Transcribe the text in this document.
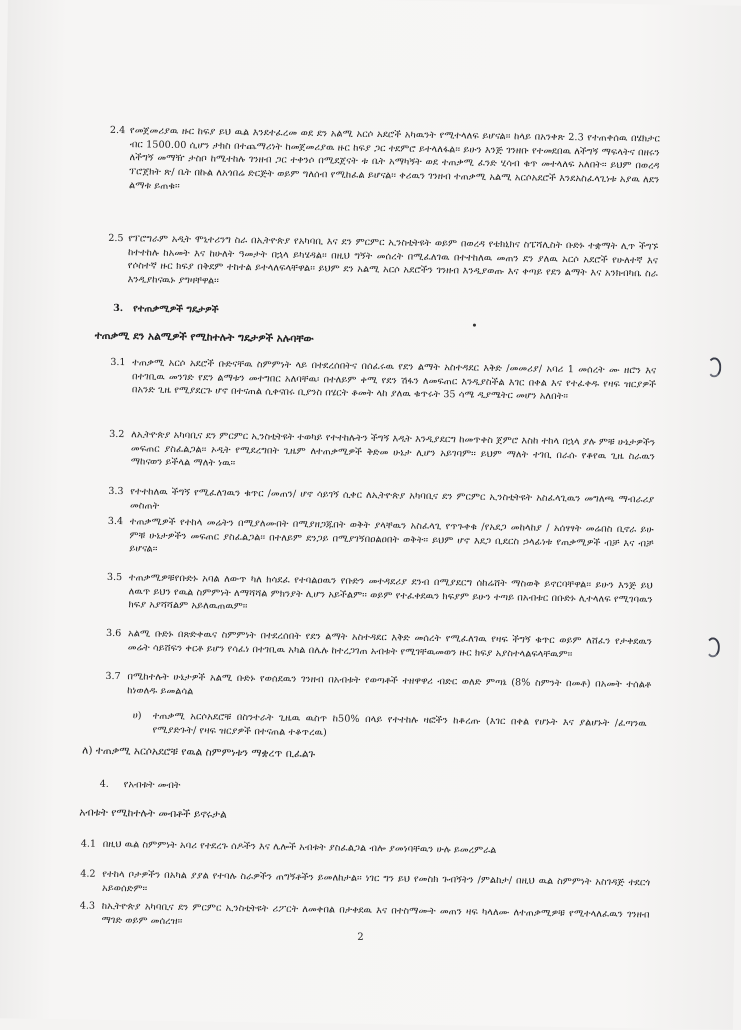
2.4 የመጀመሪያዉ ዙር ከፍያ ይህ ዉል እንደተፈረመ ወደ ደን አልሚ አርሶ አደሮች አካዉንት የሚተላለፍ ይሆናል፡፡ ከላይ በአንቀጽ 2.3 የተጠቀሰዉ በሄክታር ብር 1500.00 ሲሆን ታክስ በተጨማሪነት ከመጀመሪያዉ ዙር ከፍያ ጋር ተደምሮ ይተላለፋል፡፡ ይሁን እንጅ ገንዘቡ የተመደበዉ ለችግኝ ማፍላትና በዘሩን ለችግኝ መማዥ ታስቦ ከሚተከሉ ገንዘብ ጋር ተቀንሶ በሚደጀናት ቱ ቤት አማካኝት ወደ ተጠቃሚ ፈንድ ሂሳብ ቁጥ መተላለፍ አለበት፡፡ ይህም በወረዳ ፕሮጀክት ጽ/ ቤት በኩል ለአጎበሬ ድርጅት ወይም ግለሰብ የሚከፈል ይሆናል፡፡ ቀሪዉን ገንዘብ ተጠቃሚ አልሚ አርሶአደሮች እንደአስፈላጊነቱ አያዉ ለደን ልማቱ ይጠቁ፡፡

2.5 የፕሮግራም አዲት ሞኒተሪንግ ስራ በኢትዮጵያ የአካባቢ እና ደን ምርምር ኢንስቲትዩት ወይም በወረዳ የቴክኒክና ስፔሻሊስት ቡድኑ ተቋማት ሊጥ ችግኙ ከተተከሉ ከአመት እና ከሁለት ዓመታት በኋላ ይካሄዳል፡፡ በዚህ ግኝት መሰረት በሚፈለገዉ በተተከለዉ መጠን ደን ያለዉ አርሶ አደሮች የሁለተኛ እና የሶስተኛ ዙር ክፍያ በቅደም ተከተል ይተላለፍላቸዋል፡፡ ይህም ደን አልሚ አርሶ አደሮችን ገንዘብ እንዲያወጡ እና ቀጣይ የደን ልማት እና አንክብካቤ ስራ እንዲያከናዉኑ ያግዛቸዋል፡፡

3. የተጠቃሚዎች ግዴታዎች

ተጠቃሚ ደን አልሚዎች የሚከተሉት ግዴታዎች አሉባቸው

3.1 ተጠቃሚ አርሶ አደሮች ቡድናቸዉ ስምምነት ላይ በተደረሰበትና በሰፈሩዉ የደን ልማት አስተዳደር እቅድ /መመሪያ/ አባሪ 1 መሰረት ሙ ዘሮን እና በተገቢዉ መንገድ የደን ልማቱን መተግበር አለባቸዉ፡ በተለይም ቀሚ የደን ሽፋን ለመፍጠር እንዲያስችል እገር በቀል እና የተፈቀዱ የዛፍ ዝርያዎች በአንድ ጊዜ የሚያደርጉ ሆኖ በተናጠል ሲቀናበሩ ቢያንስ በሄርት ቆመት ላከ ያለዉ ቁጥሩት 35 ሳሜ ዲያሜትር መሆን አለበት፡፡

3.2 ለኢትዮጵያ አካባቢና ደን ምርምር ኢንስቲትዩት ተወካይ የተተከሉትን ችግኝ እዲት እንዲያደርግ ከመጥቀስ ጀምሮ እስከ ተከላ በኋላ ያሉ ምቹ ሁኔታዎችን መፍጠር ያስፈልጋል፡፡ ኦዲት የሚደረግበት ጊዜም ለተጠቃሚዎች ቅድመ ሁኔታ ሊሆን አይገባም፡፡ ይህም ማለት ተገቢ በራሱ የቆየዉ ጊዜ ስራዉን ማከናወን ይችላል ማለት ነዉ፡፡

3.3 የተተከለዉ ችግኝ የሚፈለገዉን ቁጥር /መጠን/ ሆኖ ሳይገኝ ሲቀር ለኢትዮጵያ አካባቢና ደን ምርምር ኢንስቲትዩት አስፈላጊዉን መግለጫ ማብራሪያ መስጠት

3.4 ተጠቃሚዎች የተከላ መሬትን በሚያለሙበት በሚያዘጋጁበት ወቅት ያላቸዉን አስፈላጊ የጥጉቀቁ /የአደጋ መከላከያ / አሰፃፃት መሬበስ ቢኖራ ይሁ ምቹ ሁኔታዎችን መፍጠር ያስፈልጋል፡፡ በተለይም ደንጋይ በሚያገኝበዐልዐበት ወቅት፡፡ ይህም ሆኖ እደጋ ቢደርስ ኃላፊነቱ የጠቃሚዎች ብቻ እና ብቻ ይሆናል፡፡

3.5 ተጠቃሚዎቹየቡድኑ አባል ለውጥ ካለ ክሳደፈ የተባልዐዉን የቡድን መተዳደሪያ ደንብ በሚያደርግ ሰከሬሸት ማስወቅ ይኖርባቸዋል፡፡ ይሁን እንጅ ይህ ለዉጥ ይህን የዉል ስምምነት ለማሻሻል ምክንያት ሊሆን አይችልም፡፡ ወይም የተፈቀደዉን ክፍያም ይሁን ተጣይ በአብቱር በቡድኑ ሊተላለፍ የሚገባዉን ክፍያ አያሻሻልም አይለዉጠዉም፡፡

3.6 አልሚ ቡድኑ በጽድቀዉና ስምምነት በተደረሰበት የደን ልማት አስተዳደር እቅድ መሰረት የሚፈለገዉ የዛፍ ችግኝ ቁጥር ወይም ለሸፈን የታቀደዉን መሬት ሳይሸፍን ቀርቶ ይሆን የሳፈነ በተገቢዉ አካል በሌሉ ከተረጋገጠ አብቱት የሚገቸዉመወን ዙር ክፍያ አያስተላልፍላቸዉም፡፡

3.7 በሚከተሉት ሁኔታዎች አልሚ ቡድኑ የወሰደዉን ገንዘብ በአብቱት የወጣቶች ተዘዋዋሪ ብድር ወለድ ምጣኔ (8% ስምንት በመቶ) በአመት ተሰልቶ ከነወለዱ ይመልሳል

ሀ) ተጠቃሚ አርሶአደሮቹ በስንተራት ጊዜዉ ዉስጥ ከ50% በላይ የተተከሉ ዛፎችን ከቆረጡ (እገር በቀል የሆኑት እና ያልሆኑት /ፈጣንዉ የሚያድጉት/ የዛፍ ዝርያዎች በተናጠል ተቆጥረዉ)

ለ) ተጠቃሚ አርሶአደሮቹ የዉል ስምምነቱን ማቋረጥ ቢፈልጉ

4. የአብቱት መብት

አብቱት የሚከተሉት መብቶች ይኖሩታል

4.1 በዚህ ዉል ስምምነት አባሪ የተደረጉ ሰዶችን እና ሌሎች አብቱት ያስፈልጋል ብሎ ያመነባቸዉን ሁሉ ይመረምራል

4.2 የተከላ ቦታዎችን በአካል ያያል የተባሉ ስራዎችን ጠግኝቶችን ይመለከታል፡፡ ነገር ግን ይህ የመስክ ጉብኝትን /ምልከታ/ በዚህ ዉል ስምምነት አስገዳጅ ተደርጎ አይወሰድም፡፡

4.3 ከኢትዮጵያ አካባቢና ደን ምርምር ኢንስቲትዩት ሪፖርት ለመቀበል በታቀደዉ እና በተስማሙት መጠን ዛፍ ካላለሙ ለተጠቃሚዎቹ የሚተላለፈዉን ገንዘብ ማገድ ወይም መሰረዝ፡፡

2
